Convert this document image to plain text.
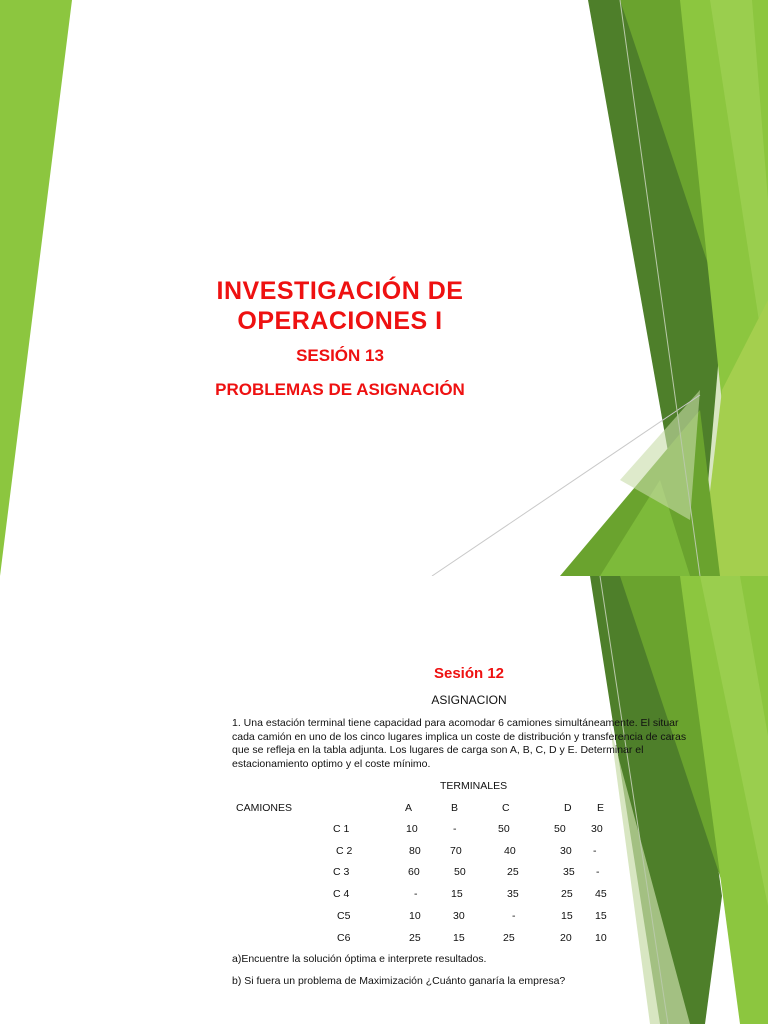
INVESTIGACIÓN DE OPERACIONES I
SESIÓN 13
PROBLEMAS DE ASIGNACIÓN
Sesión 12
ASIGNACION
1. Una estación terminal tiene capacidad para acomodar 6 camiones simultáneamente. El situar cada camión en uno de los cinco lugares implica un coste de distribución y transferencia de caras que se refleja en la tabla adjunta. Los lugares de carga son A, B, C, D y E. Determinar el estacionamiento optimo y el coste mínimo.
TERMINALES
CAMIONES	A	B	C	D E
C 1	10	-	50	50 30
C 2	80	70	40	30 -
C 3	60	50	25	35 -
C 4	-	15	35	25 45
C5	10	30	-	15 15
C6	25	15	25	20 10
a)Encuentre la solución óptima e interprete resultados.
b) Si fuera un problema de Maximización ¿Cuánto ganaría la empresa?
